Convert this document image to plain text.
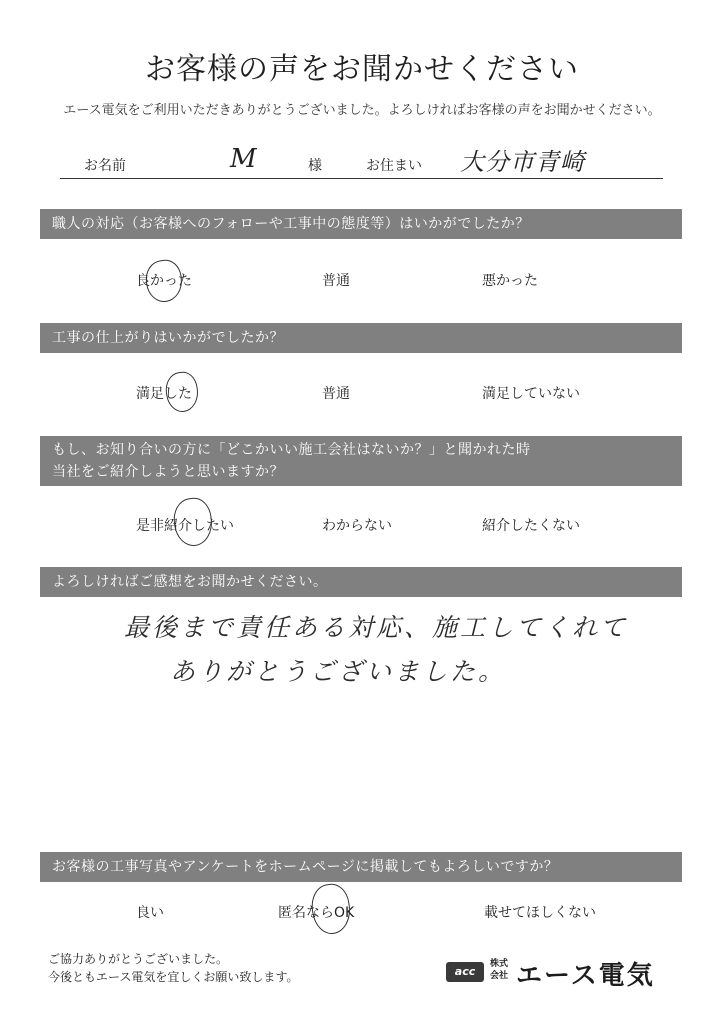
お客様の声をお聞かせください
エース電気をご利用いただきありがとうございました。よろしければお客様の声をお聞かせください。
お名前	M	様	お住まい 大分市青崎
職人の対応（お客様へのフォローや工事中の態度等）はいかがでしたか？
良かった	普通	悪かった
工事の仕上がりはいかがでしたか？
満足した	普通	満足していない
もし、お知り合いの方に「どこかいい施工会社はないか？」と聞かれた時
当社をご紹介しようと思いますか？
是非紹介したい	わからない	紹介したくない
よろしければご感想をお聞かせください。
最後まで責任ある対応、施工してくれて
ありがとうございました。
お客様の工事写真やアンケートをホームページに掲載してもよろしいですか？
良い	匿名ならOK	載せてほしくない
ご協力ありがとうございました。
今後ともエース電気を宜しくお願い致します。	acc
株式
会社 エース電気
